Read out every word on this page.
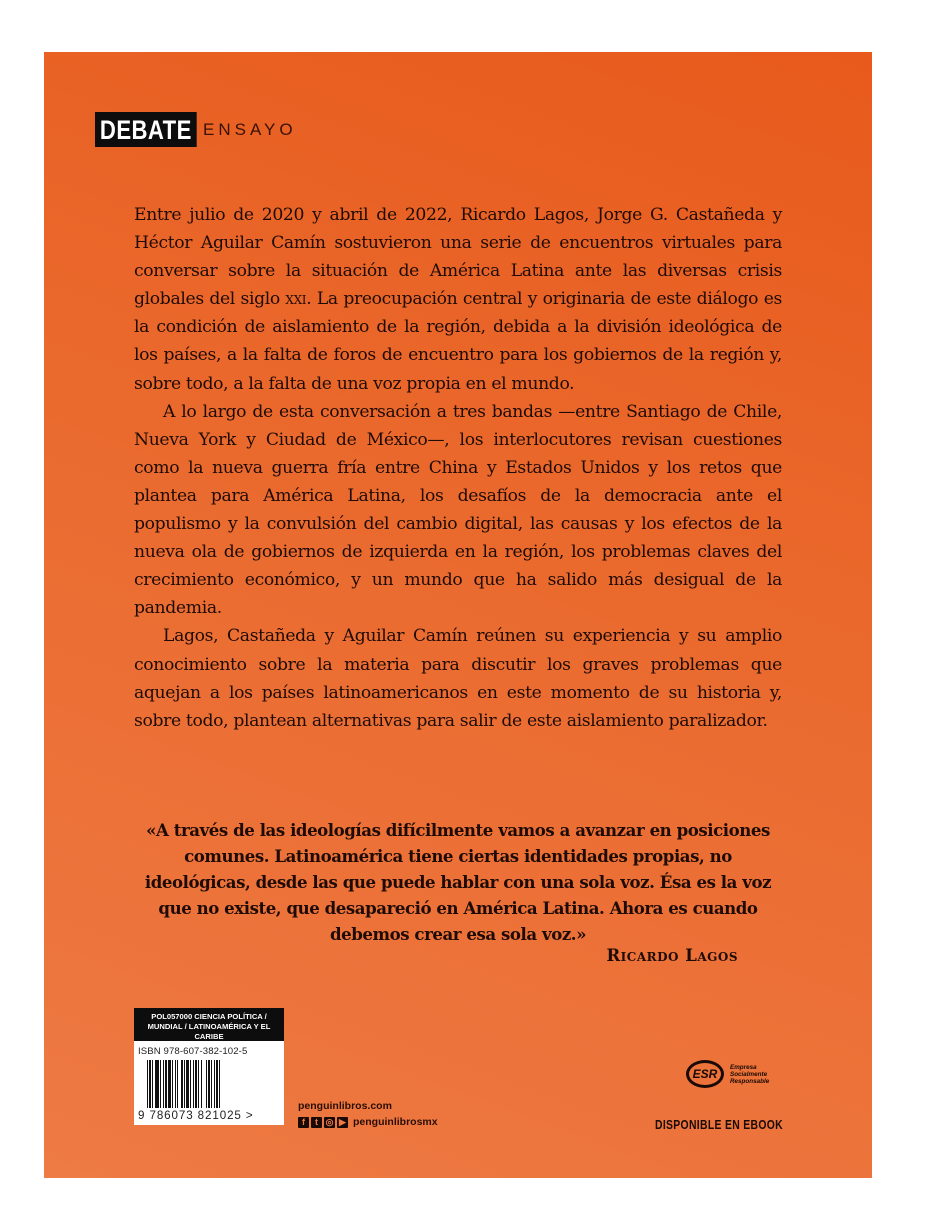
DEBATE ENSAYO

Entre julio de 2020 y abril de 2022, Ricardo Lagos, Jorge G. Castañeda y Héctor Aguilar Camín sostuvieron una serie de encuentros virtuales para conversar sobre la situación de América Latina ante las diversas crisis globales del siglo xxi. La preocupación central y originaria de este diálogo es la condición de aislamiento de la región, debida a la división ideológica de los países, a la falta de foros de encuentro para los gobiernos de la región y, sobre todo, a la falta de una voz propia en el mundo.

A lo largo de esta conversación a tres bandas —entre Santiago de Chile, Nueva York y Ciudad de México—, los interlocutores revisan cuestiones como la nueva guerra fría entre China y Estados Unidos y los retos que plantea para América Latina, los desafíos de la democracia ante el populismo y la convulsión del cambio digital, las causas y los efectos de la nueva ola de gobiernos de izquierda en la región, los problemas claves del crecimiento económico, y un mundo que ha salido más desigual de la pandemia.

Lagos, Castañeda y Aguilar Camín reúnen su experiencia y su amplio conocimiento sobre la materia para discutir los graves problemas que aquejan a los países latinoamericanos en este momento de su historia y, sobre todo, plantean alternativas para salir de este aislamiento paralizador.

«A través de las ideologías difícilmente vamos a avanzar en posiciones comunes. Latinoamérica tiene ciertas identidades propias, no ideológicas, desde las que puede hablar con una sola voz. Ésa es la voz que no existe, que desapareció en América Latina. Ahora es cuando debemos crear esa sola voz.»
Ricardo Lagos
POL057000 CIENCIA POLÍTICA / MUNDIAL / LATINOAMÉRICA Y EL CARIBE
ISBN 978-607-382-102-5
9 786073 821025 >
penguinlibros.com
f	t ◎ ▶ penguinlibrosmx
ESR	Empresa
Socialmente
Responsable
DISPONIBLE EN EBOOK
